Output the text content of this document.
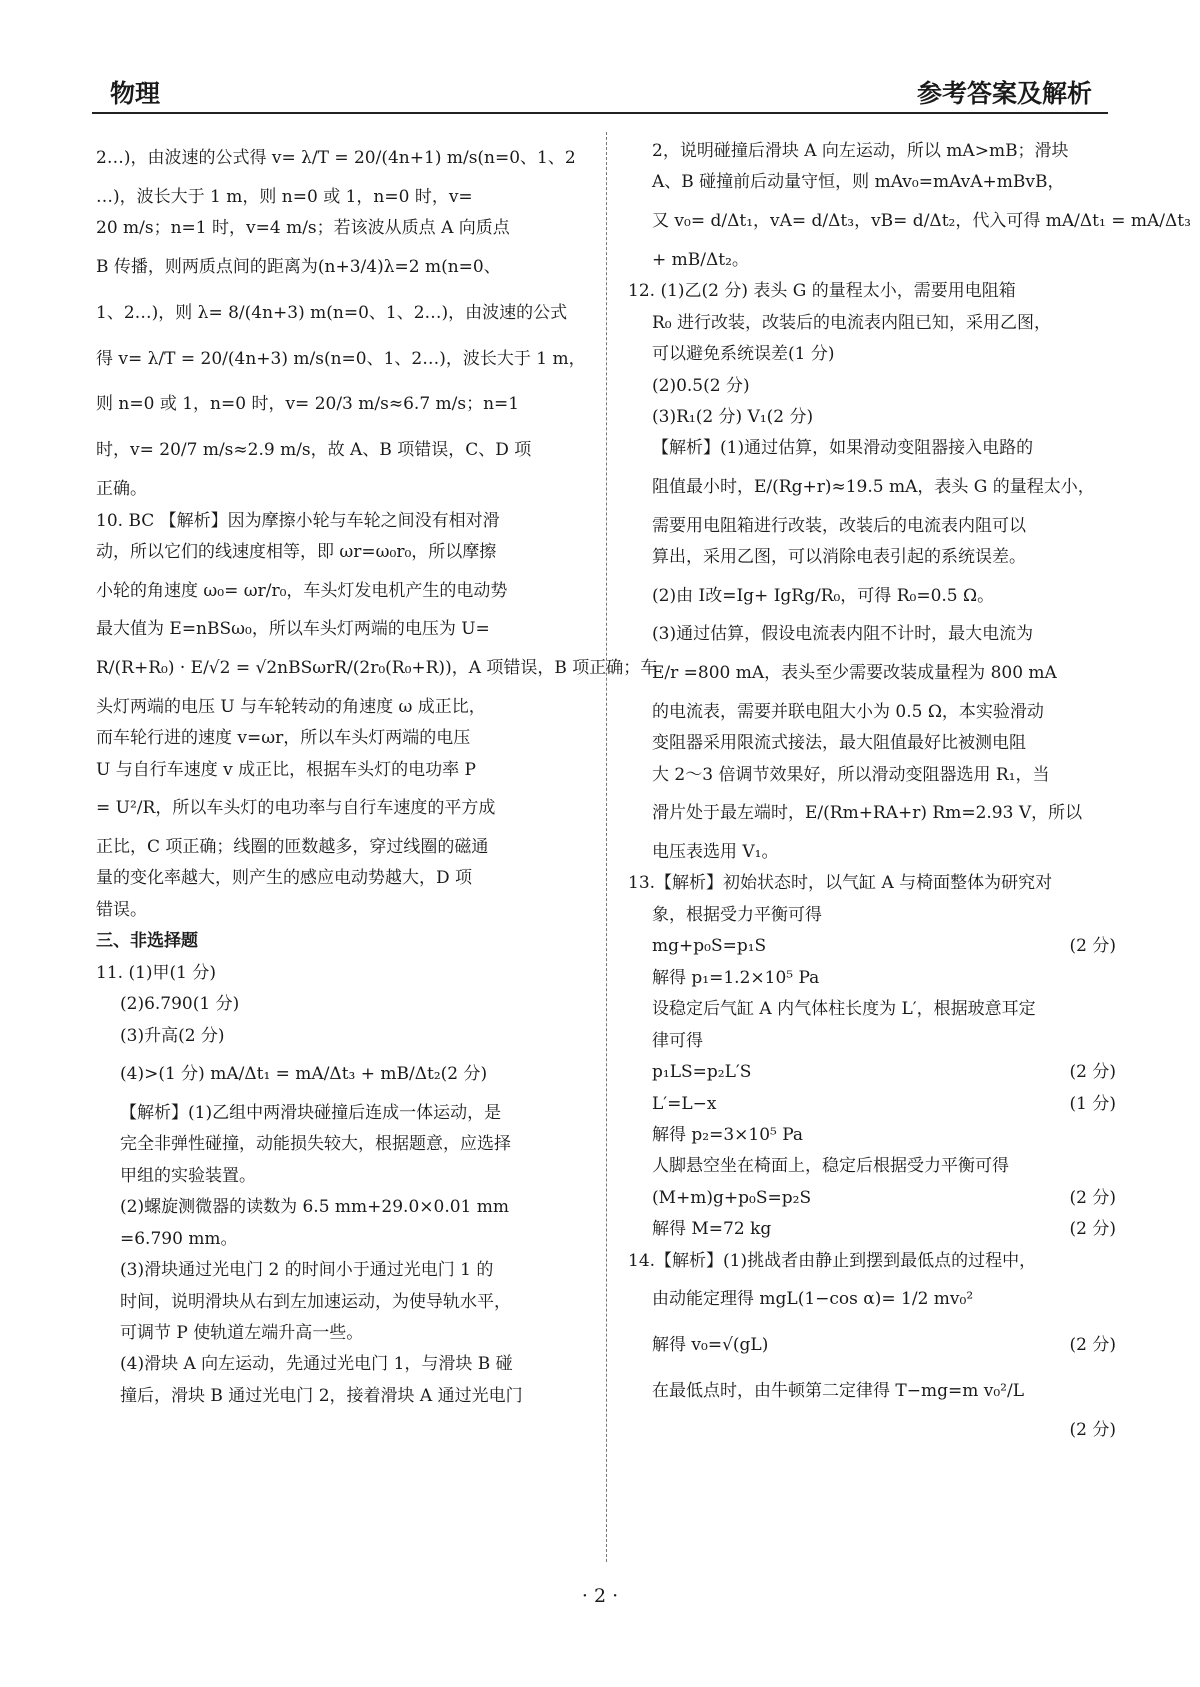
物理	参考答案及解析
2…)，由波速的公式得 v= λ/T = 20/(4n+1) m/s(n=0、1、2
…)，波长大于 1 m，则 n=0 或 1，n=0 时，v=
20 m/s；n=1 时，v=4 m/s；若该波从质点 A 向质点
B 传播，则两质点间的距离为(n+3/4)λ=2 m(n=0、
1、2…)，则 λ= 8/(4n+3) m(n=0、1、2…)，由波速的公式
得 v= λ/T = 20/(4n+3) m/s(n=0、1、2…)，波长大于 1 m，
则 n=0 或 1，n=0 时，v= 20/3 m/s≈6.7 m/s；n=1
时，v= 20/7 m/s≈2.9 m/s，故 A、B 项错误，C、D 项
正确。
10. BC 【解析】因为摩擦小轮与车轮之间没有相对滑
动，所以它们的线速度相等，即 ωr=ω₀r₀，所以摩擦
小轮的角速度 ω₀= ωr/r₀，车头灯发电机产生的电动势
最大值为 E=nBSω₀，所以车头灯两端的电压为 U=
R/(R+R₀) · E/√2 = √2nBSωrR/(2r₀(R₀+R))，A 项错误，B 项正确；车
头灯两端的电压 U 与车轮转动的角速度 ω 成正比，
而车轮行进的速度 v=ωr，所以车头灯两端的电压
U 与自行车速度 v 成正比，根据车头灯的电功率 P
= U²/R，所以车头灯的电功率与自行车速度的平方成
正比，C 项正确；线圈的匝数越多，穿过线圈的磁通
量的变化率越大，则产生的感应电动势越大，D 项
错误。
三、非选择题
11. (1)甲(1 分)
(2)6.790(1 分)
(3)升高(2 分)
(4)>(1 分) mA/Δt₁ = mA/Δt₃ + mB/Δt₂(2 分)
【解析】(1)乙组中两滑块碰撞后连成一体运动，是
完全非弹性碰撞，动能损失较大，根据题意，应选择
甲组的实验装置。
(2)螺旋测微器的读数为 6.5 mm+29.0×0.01 mm
=6.790 mm。
(3)滑块通过光电门 2 的时间小于通过光电门 1 的
时间，说明滑块从右到左加速运动，为使导轨水平，
可调节 P 使轨道左端升高一些。
(4)滑块 A 向左运动，先通过光电门 1，与滑块 B 碰
撞后，滑块 B 通过光电门 2，接着滑块 A 通过光电门
2，说明碰撞后滑块 A 向左运动，所以 mA>mB；滑块
A、B 碰撞前后动量守恒，则 mAv₀=mAvA+mBvB，
又 v₀= d/Δt₁，vA= d/Δt₃，vB= d/Δt₂，代入可得 mA/Δt₁ = mA/Δt₃
+ mB/Δt₂。
12. (1)乙(2 分) 表头 G 的量程太小，需要用电阻箱
R₀ 进行改装，改装后的电流表内阻已知，采用乙图，
可以避免系统误差(1 分)
(2)0.5(2 分)
(3)R₁(2 分) V₁(2 分)
【解析】(1)通过估算，如果滑动变阻器接入电路的
阻值最小时，E/(Rg+r)≈19.5 mA，表头 G 的量程太小，
需要用电阻箱进行改装，改装后的电流表内阻可以
算出，采用乙图，可以消除电表引起的系统误差。
(2)由 I改=Ig+ IgRg/R₀，可得 R₀=0.5 Ω。
(3)通过估算，假设电流表内阻不计时，最大电流为
E/r =800 mA，表头至少需要改装成量程为 800 mA
的电流表，需要并联电阻大小为 0.5 Ω，本实验滑动
变阻器采用限流式接法，最大阻值最好比被测电阻
大 2～3 倍调节效果好，所以滑动变阻器选用 R₁，当
滑片处于最左端时，E/(Rm+RA+r) Rm=2.93 V，所以
电压表选用 V₁。
13.【解析】初始状态时，以气缸 A 与椅面整体为研究对
象，根据受力平衡可得
mg+p₀S=p₁S	(2 分)
解得 p₁=1.2×10⁵ Pa
设稳定后气缸 A 内气体柱长度为 L′，根据玻意耳定
律可得
p₁LS=p₂L′S	(2 分)
L′=L−x	(1 分)
解得 p₂=3×10⁵ Pa
人脚悬空坐在椅面上，稳定后根据受力平衡可得
(M+m)g+p₀S=p₂S	(2 分)
解得 M=72 kg	(2 分)
14.【解析】(1)挑战者由静止到摆到最低点的过程中，
由动能定理得 mgL(1−cos α)= 1/2 mv₀²
解得 v₀=√(gL)	(2 分)
在最低点时，由牛顿第二定律得 T−mg=m v₀²/L
(2 分)

· 2 ·
